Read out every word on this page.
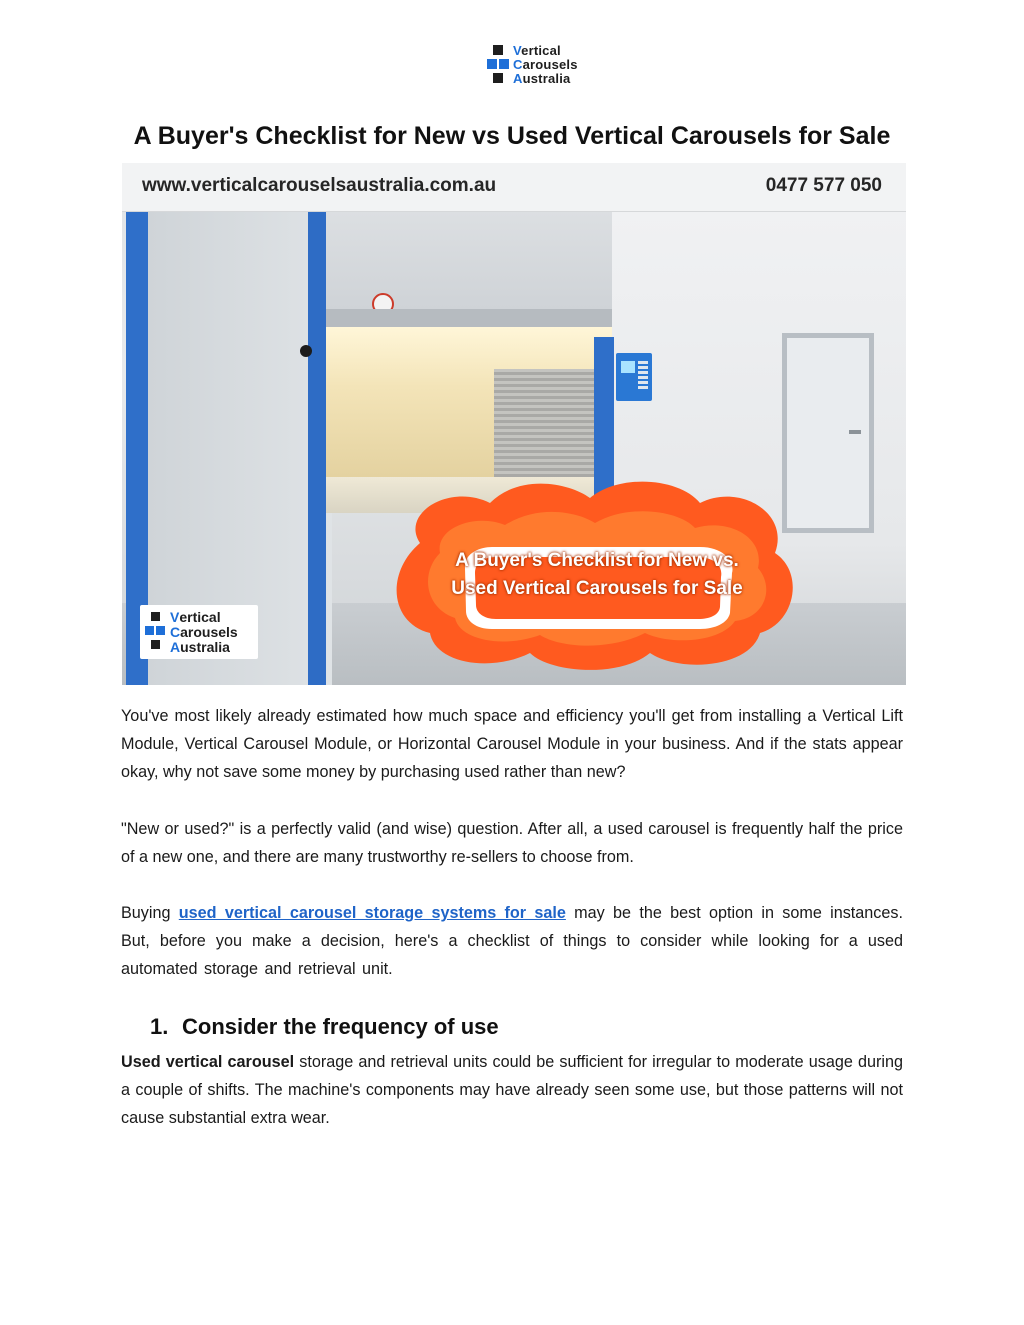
Vertical
Carousels
Australia
A Buyer's Checklist for New vs Used Vertical Carousels for Sale
www.verticalcarouselsaustralia.com.au	0477 577 050
A Buyer's Checklist for New vs.
Used Vertical Carousels for Sale
Vertical
Carousels
Australia

You've most likely already estimated how much space and efficiency you'll get from installing a Vertical Lift Module, Vertical Carousel Module, or Horizontal Carousel Module in your business. And if the stats appear okay, why not save some money by purchasing used rather than new?

"New or used?" is a perfectly valid (and wise) question. After all, a used carousel is frequently half the price of a new one, and there are many trustworthy re-sellers to choose from.

Buying used vertical carousel storage systems for sale may be the best option in some instances. But, before you make a decision, here's a checklist of things to consider while looking for a used automated storage and retrieval unit.

1. Consider the frequency of use

Used vertical carousel storage and retrieval units could be sufficient for irregular to moderate usage during a couple of shifts. The machine's components may have already seen some use, but those patterns will not cause substantial extra wear.
